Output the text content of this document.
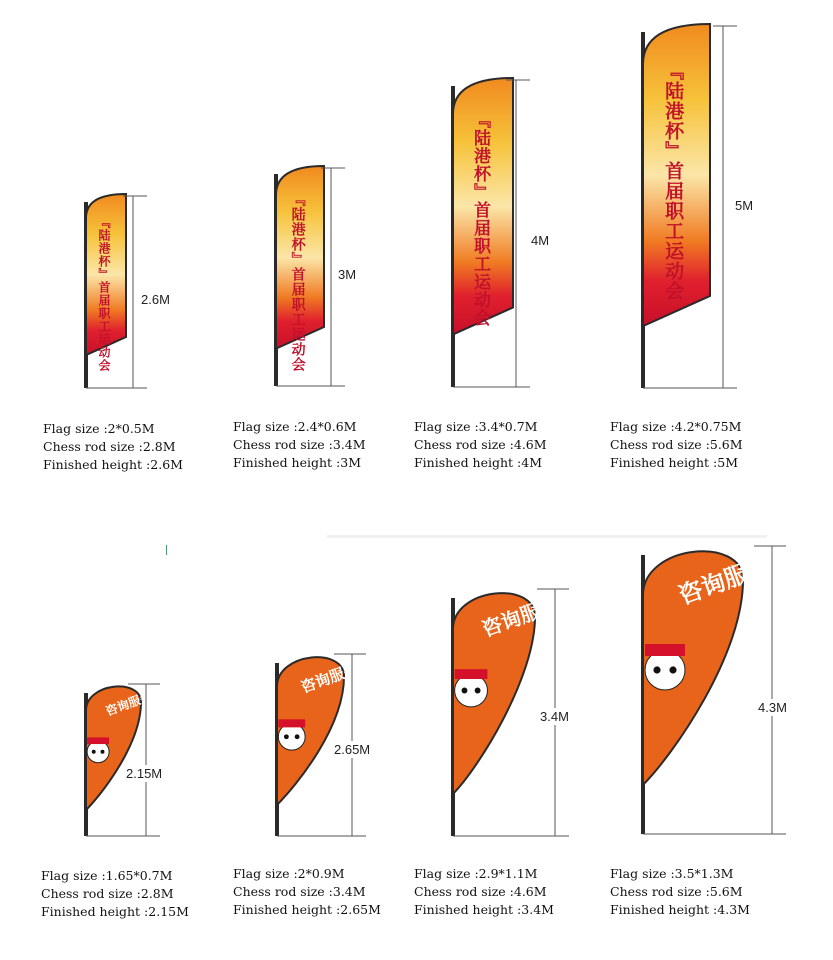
『陆港杯』首届职工运动会	『陆港杯』首届职工运动会	『陆港杯』首届职工运动会	『陆港杯』首届职工运动会
咨询服务
咨询服务
咨询服务
咨询服务
2.6M
3M
4M
5M
2.15M
2.65M
3.4M
4.3M
Flag size :2*0.5M
Chess rod size :2.8M
Finished height :2.6M
Flag size :2.4*0.6M
Chess rod size :3.4M
Finished height :3M
Flag size :3.4*0.7M
Chess rod size :4.6M
Finished height :4M
Flag size :4.2*0.75M
Chess rod size :5.6M
Finished height :5M
Flag size :1.65*0.7M
Chess rod size :2.8M
Finished height :2.15M
Flag size :2*0.9M
Chess rod size :3.4M
Finished height :2.65M
Flag size :2.9*1.1M
Chess rod size :4.6M
Finished height :3.4M
Flag size :3.5*1.3M
Chess rod size :5.6M
Finished height :4.3M
